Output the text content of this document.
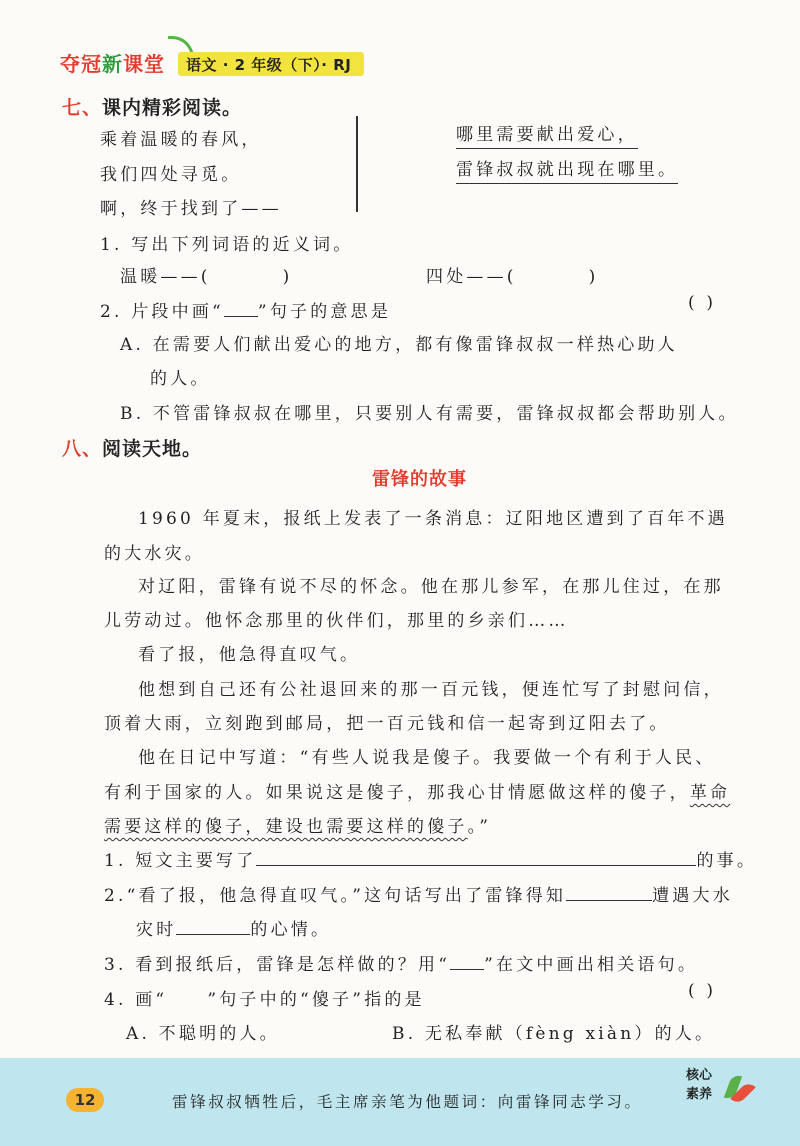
夺冠新课堂	语文 · 2 年级（下）· RJ
七、课内精彩阅读。
乘着温暖的春风，
我们四处寻觅。
啊，终于找到了——
哪里需要献出爱心，
雷锋叔叔就出现在哪里。
1. 写出下列词语的近义词。
温暖——(	)	四处——(	)
2. 片段中画“ ”句子的意思是	( )
A. 在需要人们献出爱心的地方，都有像雷锋叔叔一样热心助人
的人。
B. 不管雷锋叔叔在哪里，只要别人有需要，雷锋叔叔都会帮助别人。
八、阅读天地。
雷锋的故事
1960 年夏末，报纸上发表了一条消息：辽阳地区遭到了百年不遇
的大水灾。
对辽阳，雷锋有说不尽的怀念。他在那儿参军，在那儿住过，在那
儿劳动过。他怀念那里的伙伴们，那里的乡亲们……
看了报，他急得直叹气。
他想到自己还有公社退回来的那一百元钱，便连忙写了封慰问信，
顶着大雨，立刻跑到邮局，把一百元钱和信一起寄到辽阳去了。
他在日记中写道：“有些人说我是傻子。我要做一个有利于人民、
有利于国家的人。如果说这是傻子，那我心甘情愿做这样的傻子，革命
需要这样的傻子，建设也需要这样的傻子。”
1. 短文主要写了	的事。
2.“看了报，他急得直叹气。”这句话写出了雷锋得知	遭遇大水
灾时	的心情。
3. 看到报纸后，雷锋是怎样做的？用“ ”在文中画出相关语句。
4. 画“ ”句子中的“傻子”指的是	( )
A. 不聪明的人。	B. 无私奉献（fèng xiàn）的人。
12	雷锋叔叔牺牲后，毛主席亲笔为他题词：向雷锋同志学习。
核心
素养
